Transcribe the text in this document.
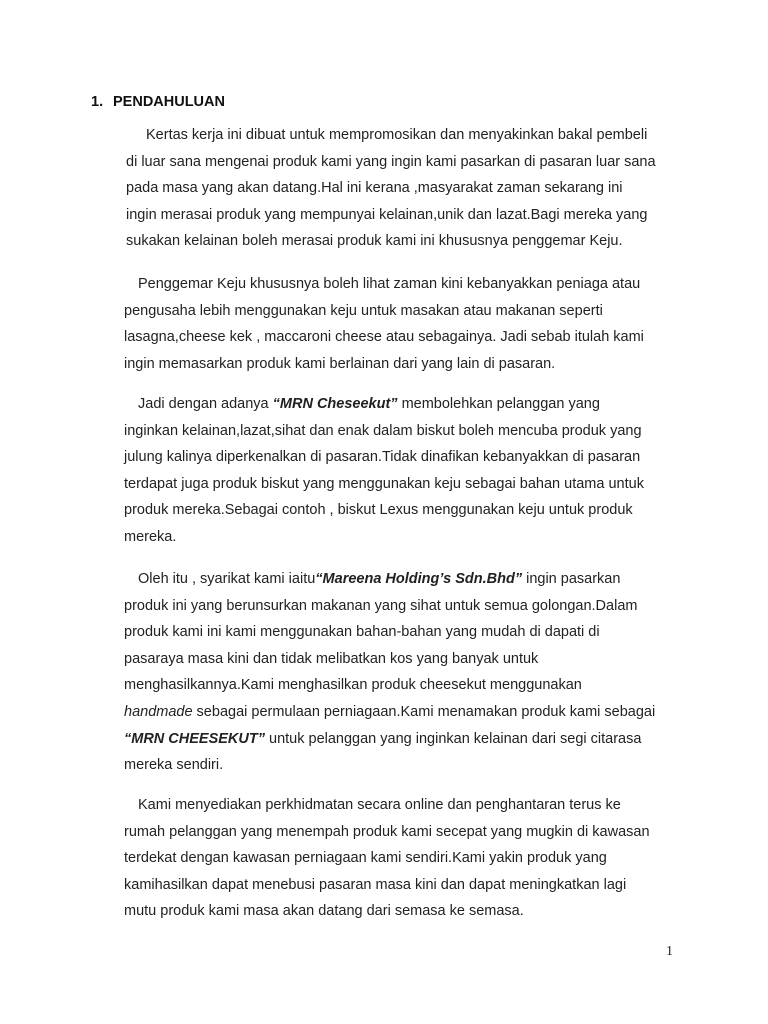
1. PENDAHULUAN
Kertas kerja ini dibuat untuk mempromosikan dan menyakinkan bakal pembeli
di luar sana mengenai produk kami yang ingin kami pasarkan di pasaran luar sana
pada masa yang akan datang.Hal ini kerana ,masyarakat zaman sekarang ini
ingin merasai produk yang mempunyai kelainan,unik dan lazat.Bagi mereka yang
sukakan kelainan boleh merasai produk kami ini khususnya penggemar Keju.
Penggemar Keju khususnya boleh lihat zaman kini kebanyakkan peniaga atau
pengusaha lebih menggunakan keju untuk masakan atau makanan seperti
lasagna,cheese kek , maccaroni cheese atau sebagainya. Jadi sebab itulah kami
ingin memasarkan produk kami berlainan dari yang lain di pasaran.
Jadi dengan adanya “MRN Cheseekut” membolehkan pelanggan yang
inginkan kelainan,lazat,sihat dan enak dalam biskut boleh mencuba produk yang
julung kalinya diperkenalkan di pasaran.Tidak dinafikan kebanyakkan di pasaran
terdapat juga produk biskut yang menggunakan keju sebagai bahan utama untuk
produk mereka.Sebagai contoh , biskut Lexus menggunakan keju untuk produk
mereka.
Oleh itu , syarikat kami iaitu“Mareena Holding’s Sdn.Bhd” ingin pasarkan
produk ini yang berunsurkan makanan yang sihat untuk semua golongan.Dalam
produk kami ini kami menggunakan bahan-bahan yang mudah di dapati di
pasaraya masa kini dan tidak melibatkan kos yang banyak untuk
menghasilkannya.Kami menghasilkan produk cheesekut menggunakan
handmade sebagai permulaan perniagaan.Kami menamakan produk kami sebagai
“MRN CHEESEKUT” untuk pelanggan yang inginkan kelainan dari segi citarasa
mereka sendiri.
Kami menyediakan perkhidmatan secara online dan penghantaran terus ke
rumah pelanggan yang menempah produk kami secepat yang mugkin di kawasan
terdekat dengan kawasan perniagaan kami sendiri.Kami yakin produk yang
kamihasilkan dapat menebusi pasaran masa kini dan dapat meningkatkan lagi
mutu produk kami masa akan datang dari semasa ke semasa.
1
